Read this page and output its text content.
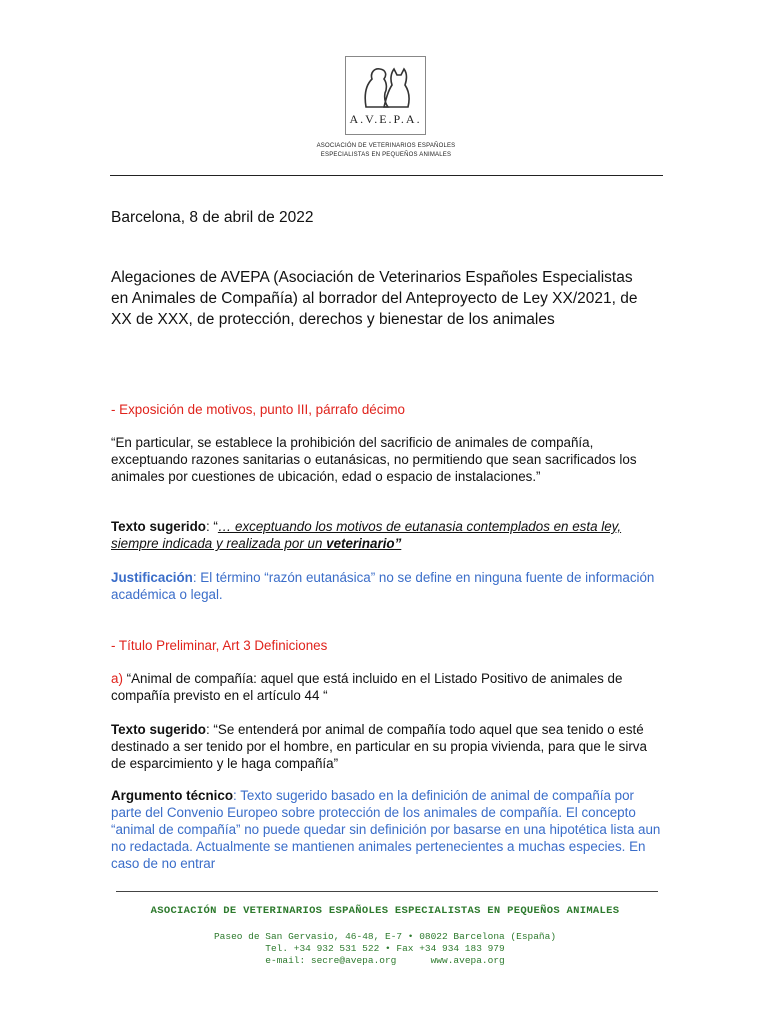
A.V.E.P.A.
ASOCIACIÓN DE VETERINARIOS ESPAÑOLES
ESPECIALISTAS EN PEQUEÑOS ANIMALES
Barcelona, 8 de abril de 2022
Alegaciones de AVEPA (Asociación de Veterinarios Españoles Especialistas en Animales de Compañía) al borrador del Anteproyecto de Ley XX/2021, de XX de XXX, de protección, derechos y bienestar de los animales
- Exposición de motivos, punto III, párrafo décimo
“En particular, se establece la prohibición del sacrificio de animales de compañía, exceptuando razones sanitarias o eutanásicas, no permitiendo que sean sacrificados los animales por cuestiones de ubicación, edad o espacio de instalaciones.”
Texto sugerido: “… exceptuando los motivos de eutanasia contemplados en esta ley, siempre indicada y realizada por un veterinario”
Justificación: El término “razón eutanásica” no se define en ninguna fuente de información académica o legal.
- Título Preliminar, Art 3 Definiciones
a) “Animal de compañía: aquel que está incluido en el Listado Positivo de animales de compañía previsto en el artículo 44 “
Texto sugerido: “Se entenderá por animal de compañía todo aquel que sea tenido o esté destinado a ser tenido por el hombre, en particular en su propia vivienda, para que le sirva de esparcimiento y le haga compañía”
Argumento técnico: Texto sugerido basado en la definición de animal de compañía por parte del Convenio Europeo sobre protección de los animales de compañía. El concepto “animal de compañía” no puede quedar sin definición por basarse en una hipotética lista aun no redactada. Actualmente se mantienen animales pertenecientes a muchas especies. En caso de no entrar
ASOCIACIÓN DE VETERINARIOS ESPAÑOLES ESPECIALISTAS EN PEQUEÑOS ANIMALES
Paseo de San Gervasio, 46-48, E-7 • 08022 Barcelona (España)
Tel. +34 932 531 522 • Fax +34 934 183 979
e-mail: secre@avepa.org	www.avepa.org
